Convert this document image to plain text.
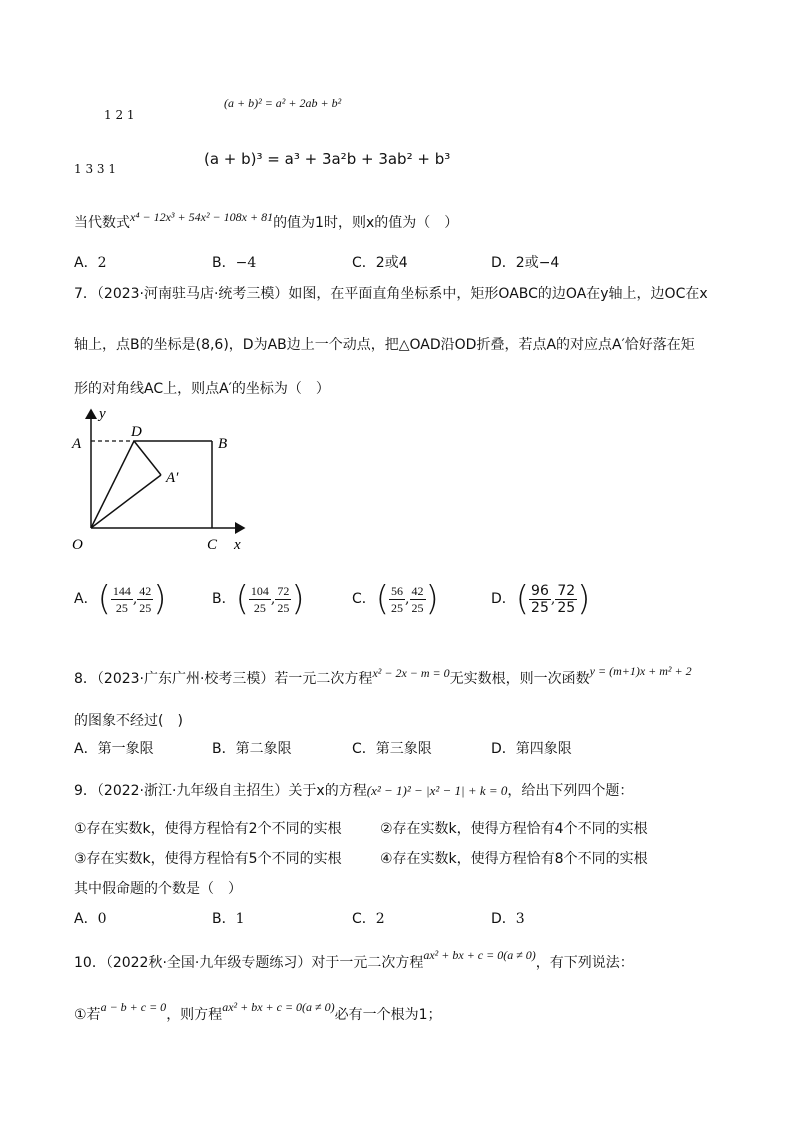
1 2 1
(a + b)² = a² + 2ab + b²
1 3 3 1
(a + b)³ = a³ + 3a²b + 3ab² + b³
当代数式x⁴ − 12x³ + 54x² − 108x + 81的值为1时，则x的值为（　）
A．2	B．−4	C．2或4	D．2或−4
7．（2023·河南驻马店·统考三模）如图，在平面直角坐标系中，矩形OABC的边OA在y轴上，边OC在x
轴上，点B的坐标是(8,6)，D为AB边上一个动点，把△OAD沿OD折叠，若点A的对应点A′恰好落在矩
形的对角线AC上，则点A′的坐标为（　）
y
A
D
B
A′
O	C x
A．( $\frac{144}{25}$ , $\frac{42}{25}$ )	B．( $\frac{104}{25}$ , $\frac{72}{25}$ )	C．( $\frac{56}{25}$ , $\frac{42}{25}$ )	D．( $\frac{96}{25}$ , $\frac{72}{25}$ )
8．（2023·广东广州·校考三模）若一元二次方程x² − 2x − m = 0无实数根，则一次函数y = (m+1)x + m² + 2
的图象不经过(　)
A．第一象限	B．第二象限	C．第三象限	D．第四象限
9．（2022·浙江·九年级自主招生）关于x的方程(x² − 1)² − |x² − 1| + k = 0，给出下列四个题：
①存在实数k，使得方程恰有2个不同的实根	②存在实数k，使得方程恰有4个不同的实根
③存在实数k，使得方程恰有5个不同的实根	④存在实数k，使得方程恰有8个不同的实根
其中假命题的个数是（　）
A．0	B．1	C．2	D．3
10．（2022秋·全国·九年级专题练习）对于一元二次方程ax² + bx + c = 0(a ≠ 0)，有下列说法：
①若a − b + c = 0，则方程ax² + bx + c = 0(a ≠ 0)必有一个根为1；
